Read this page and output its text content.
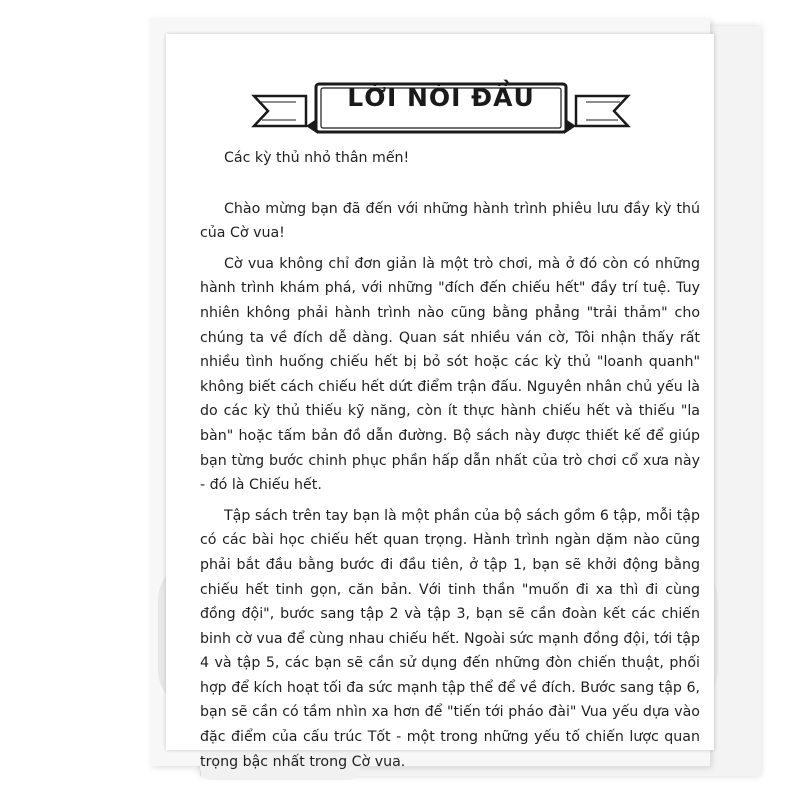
LỜI NÓI ĐẦU

Các kỳ thủ nhỏ thân mến!

Chào mừng bạn đã đến với những hành trình phiêu lưu đầy kỳ thú của Cờ vua!

Cờ vua không chỉ đơn giản là một trò chơi, mà ở đó còn có những hành trình khám phá, với những "đích đến chiếu hết" đầy trí tuệ. Tuy nhiên không phải hành trình nào cũng bằng phẳng "trải thảm" cho chúng ta về đích dễ dàng. Quan sát nhiều ván cờ, Tôi nhận thấy rất nhiều tình huống chiếu hết bị bỏ sót hoặc các kỳ thủ "loanh quanh" không biết cách chiếu hết dứt điểm trận đấu. Nguyên nhân chủ yếu là do các kỳ thủ thiếu kỹ năng, còn ít thực hành chiếu hết và thiếu "la bàn" hoặc tấm bản đồ dẫn đường. Bộ sách này được thiết kế để giúp bạn từng bước chinh phục phần hấp dẫn nhất của trò chơi cổ xưa này - đó là Chiếu hết.

Tập sách trên tay bạn là một phần của bộ sách gồm 6 tập, mỗi tập có các bài học chiếu hết quan trọng. Hành trình ngàn dặm nào cũng phải bắt đầu bằng bước đi đầu tiên, ở tập 1, bạn sẽ khởi động bằng chiếu hết tinh gọn, căn bản. Với tinh thần "muốn đi xa thì đi cùng đồng đội", bước sang tập 2 và tập 3, bạn sẽ cần đoàn kết các chiến binh cờ vua để cùng nhau chiếu hết. Ngoài sức mạnh đồng đội, tới tập 4 và tập 5, các bạn sẽ cần sử dụng đến những đòn chiến thuật, phối hợp để kích hoạt tối đa sức mạnh tập thể để về đích. Bước sang tập 6, bạn sẽ cần có tầm nhìn xa hơn để "tiến tới pháo đài" Vua yếu dựa vào đặc điểm của cấu trúc Tốt - một trong những yếu tố chiến lược quan trọng bậc nhất trong Cờ vua.
